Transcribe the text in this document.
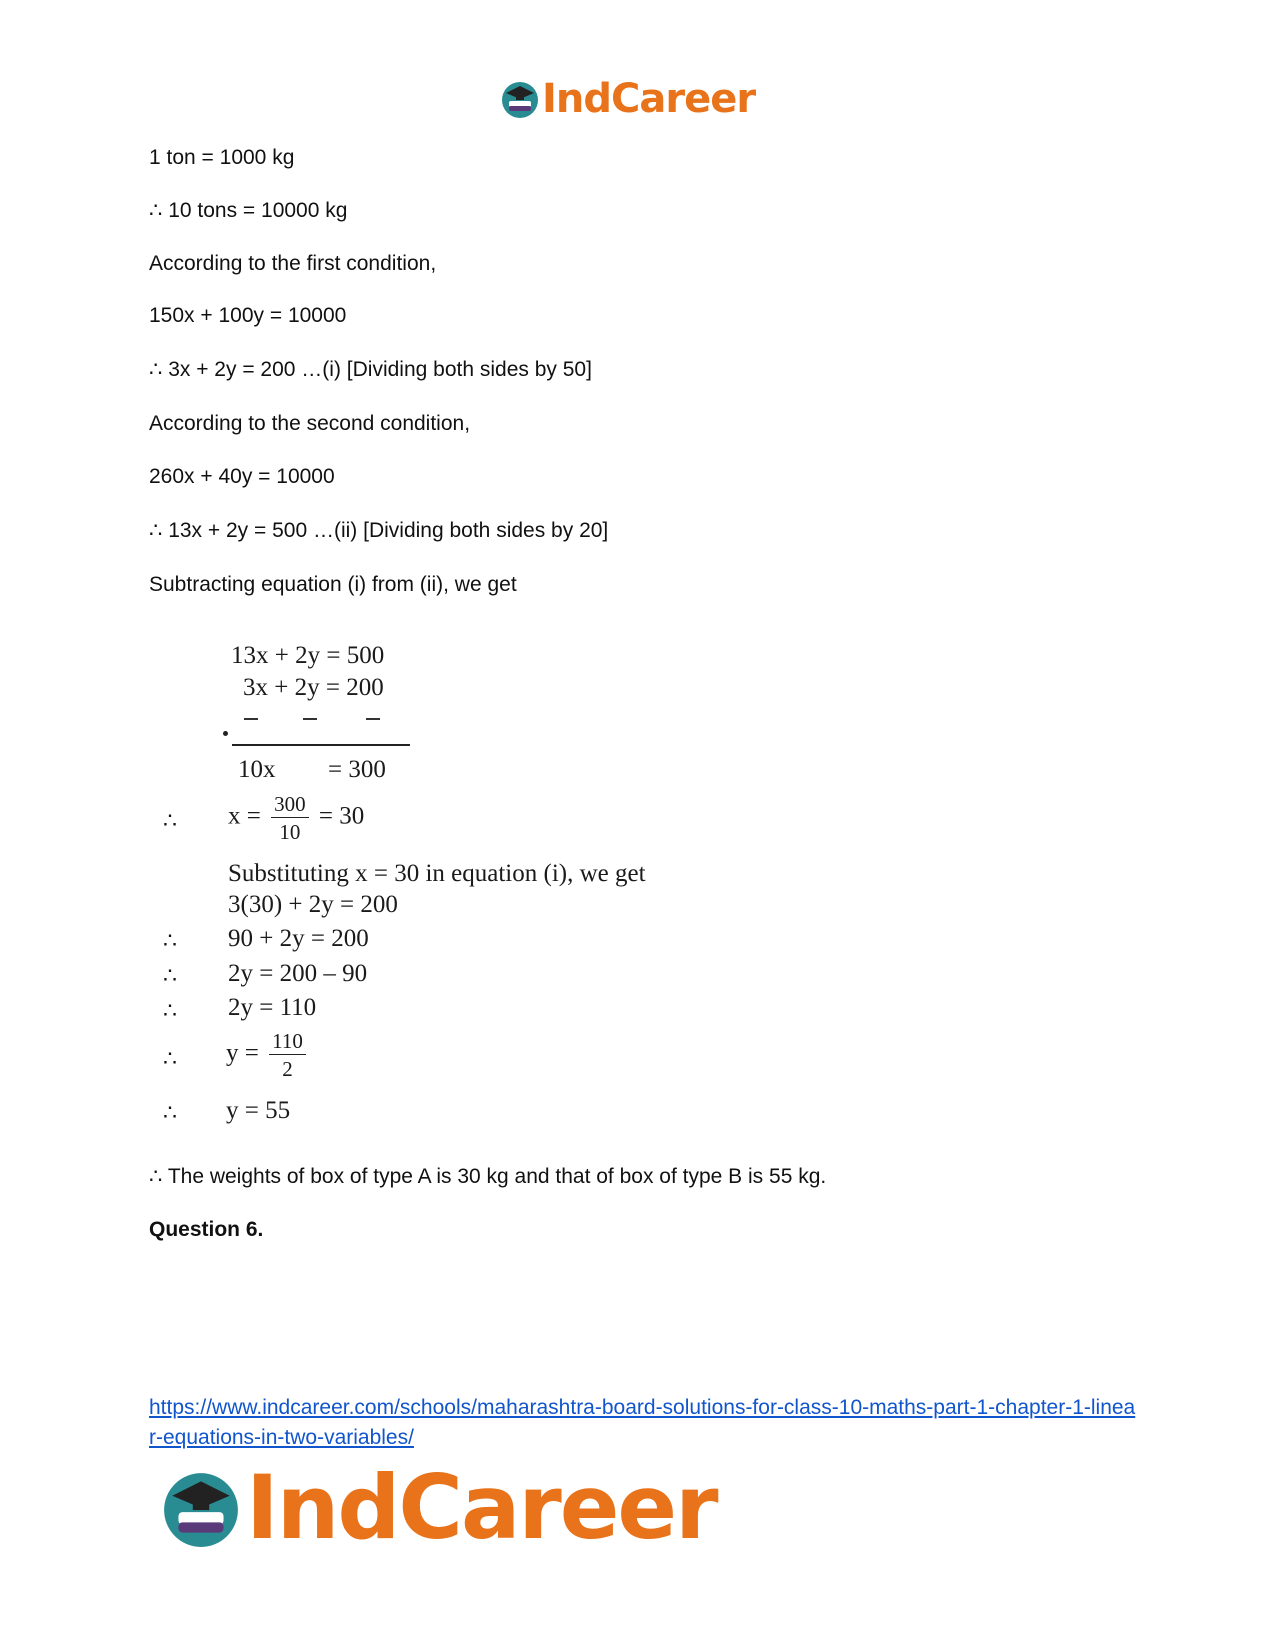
IndCareer
1 ton = 1000 kg
∴ 10 tons = 10000 kg
According to the first condition,
150x + 100y = 10000
∴ 3x + 2y = 200 …(i) [Dividing both sides by 50]
According to the second condition,
260x + 40y = 10000
∴ 13x + 2y = 500 …(ii) [Dividing both sides by 20]
Subtracting equation (i) from (ii), we get
13x + 2y = 500
3x + 2y = 200
10x = 300
∴ $x = \frac{300}{10} = 30$
Substituting x = 30 in equation (i), we get
3(30) + 2y = 200
∴ 90 + 2y = 200
∴ 2y = 200 – 90
∴ 2y = 110
∴ $y = \frac{110}{2}$
∴ y = 55
∴ The weights of box of type A is 30 kg and that of box of type B is 55 kg.
Question 6.
https://www.indcareer.com/schools/maharashtra-board-solutions-for-class-10-maths-part-1-chapter-1-linear-equations-in-two-variables/
IndCareer
